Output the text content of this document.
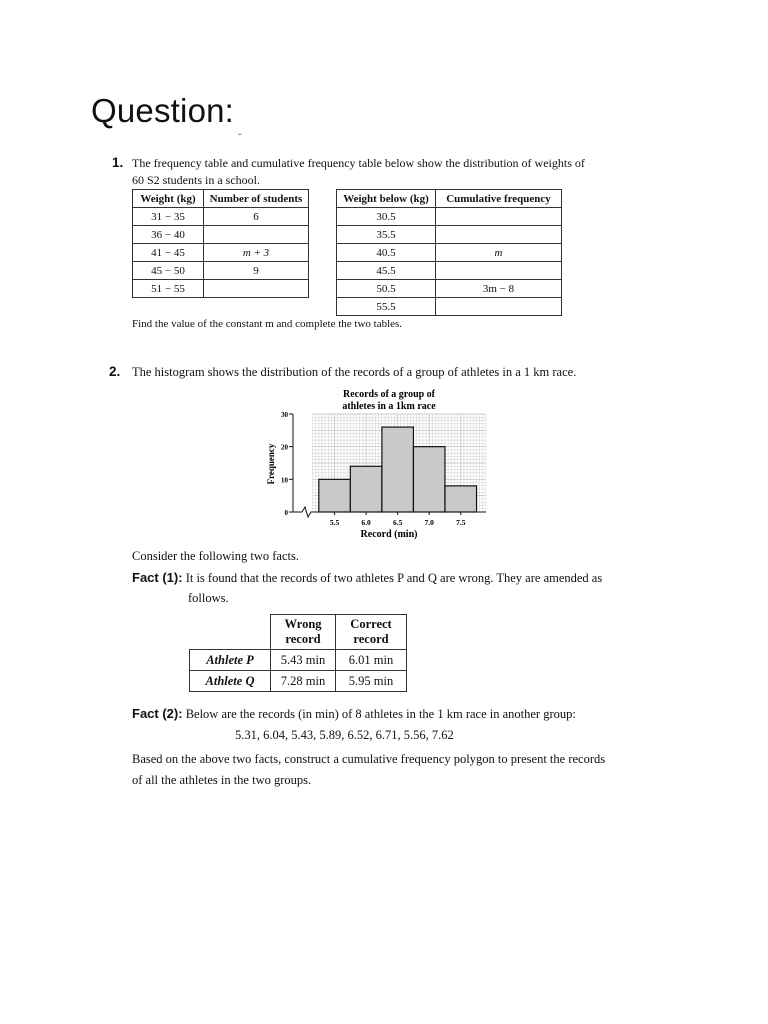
Question:
ˇ
1. The frequency table and cumulative frequency table below show the distribution of weights of
60 S2 students in a school.
Weight (kg)	Number of students
31 − 35	6
36 − 40	
41 − 45	m + 3
45 − 50	9
51 − 55	
Weight below (kg)	Cumulative frequency
30.5	
35.5	
40.5	m
45.5	
50.5	3m − 8
55.5	
Find the value of the constant m and complete the two tables.
2. The histogram shows the distribution of the records of a group of athletes in a 1 km race.
Records of a group of
athletes in a 1km race
0
10
20
30
5.5	6.0	6.5	7.0	7.5
Record (min)
Frequency
Consider the following two facts.
Fact (1): It is found that the records of two athletes P and Q are wrong. They are amended as
follows.
	Wrong record	Correct record
Athlete P	5.43 min	6.01 min
Athlete Q	7.28 min	5.95 min
Fact (2): Below are the records (in min) of 8 athletes in the 1 km race in another group:
5.31, 6.04, 5.43, 5.89, 6.52, 6.71, 5.56, 7.62
Based on the above two facts, construct a cumulative frequency polygon to present the records
of all the athletes in the two groups.
